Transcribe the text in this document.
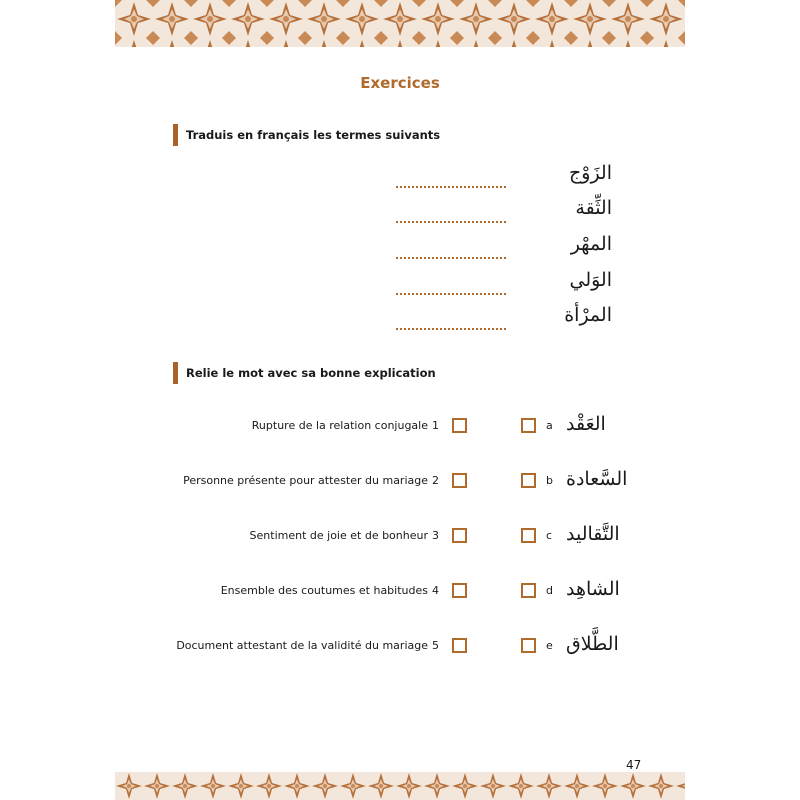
Exercices
Traduis en français les termes suivants
الزَوْج
الثِّقة
المهْر
الوَلي
المرْأة
Relie le mot avec sa bonne explication
Rupture de la relation conjugale 1	a العَقْد
Personne présente pour attester du mariage 2	b السَّعادة
Sentiment de joie et de bonheur 3	c التَّقاليد
Ensemble des coutumes et habitudes 4	d الشاهِد
Document attestant de la validité du mariage 5	e الطَّلاق
47
